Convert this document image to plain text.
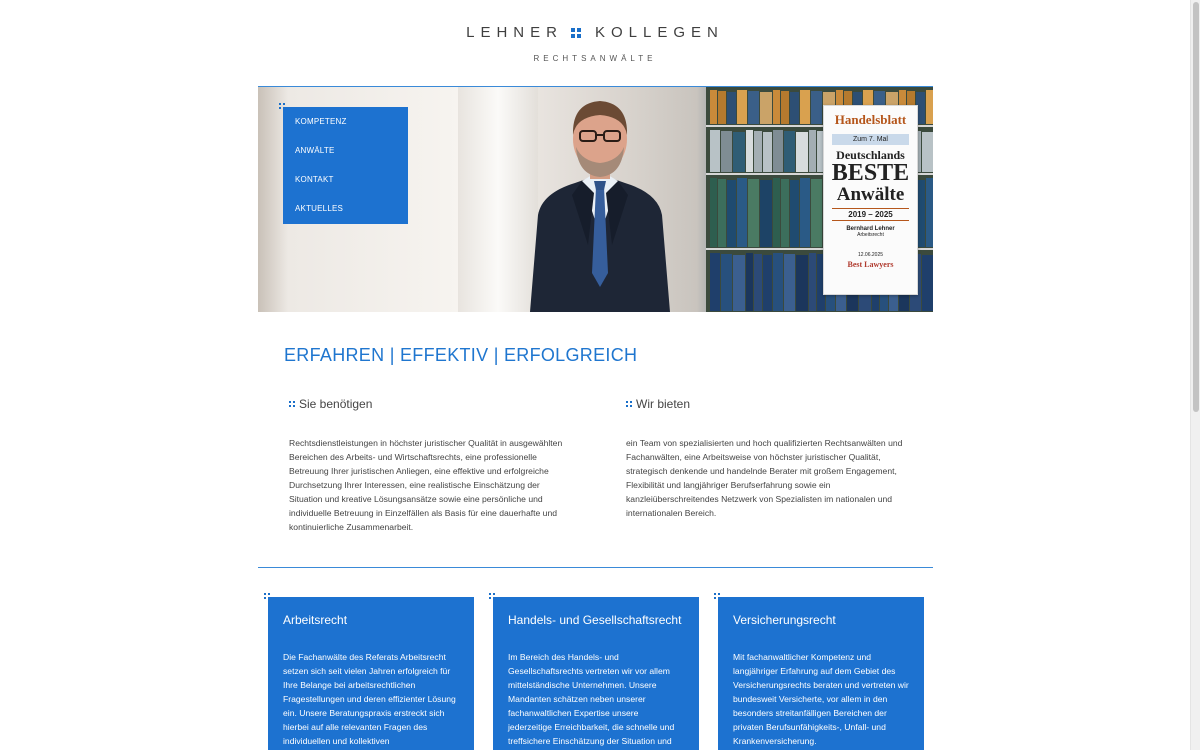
LEHNER KOLLEGEN
RECHTSANWÄLTE
Handelsblatt
Zum 7. Mal
Deutschlands
BESTE
Anwälte
2019 – 2025
Bernhard Lehner
Arbeitsrecht
12.06.2025
Best Lawyers
KOMPETENZ
ANWÄLTE
KONTAKT
AKTUELLES
ERFAHREN | EFFEKTIV | ERFOLGREICH
Sie benötigen
Rechtsdienstleistungen in höchster juristischer Qualität in ausgewählten Bereichen des Arbeits- und Wirtschaftsrechts, eine professionelle Betreuung Ihrer juristischen Anliegen, eine effektive und erfolgreiche Durchsetzung Ihrer Interessen, eine realistische Einschätzung der Situation und kreative Lösungsansätze sowie eine persönliche und individuelle Betreuung in Einzelfällen als Basis für eine dauerhafte und kontinuierliche Zusammenarbeit.
Wir bieten
ein Team von spezialisierten und hoch qualifizierten Rechtsanwälten und Fachanwälten, eine Arbeitsweise von höchster juristischer Qualität, strategisch denkende und handelnde Berater mit großem Engagement, Flexibilität und langjähriger Berufserfahrung sowie ein kanzleiüberschreitendes Netzwerk von Spezialisten im nationalen und internationalen Bereich.
Arbeitsrecht
Die Fachanwälte des Referats Arbeitsrecht setzen sich seit vielen Jahren erfolgreich für Ihre Belange bei arbeitsrechtlichen Fragestellungen und deren effizienter Lösung ein. Unsere Beratungspraxis erstreckt sich hierbei auf alle relevanten Fragen des individuellen und kollektiven
Handels- und Gesellschaftsrecht
Im Bereich des Handels- und Gesellschaftsrechts vertreten wir vor allem mittelständische Unternehmen. Unsere Mandanten schätzen neben unserer fachanwaltlichen Expertise unsere jederzeitige Erreichbarkeit, die schnelle und treffsichere Einschätzung der Situation und
Versicherungsrecht
Mit fachanwaltlicher Kompetenz und langjähriger Erfahrung auf dem Gebiet des Versicherungsrechts beraten und vertreten wir bundesweit Versicherte, vor allem in den besonders streitanfälligen Bereichen der privaten Berufsunfähigkeits-, Unfall- und Krankenversicherung.
